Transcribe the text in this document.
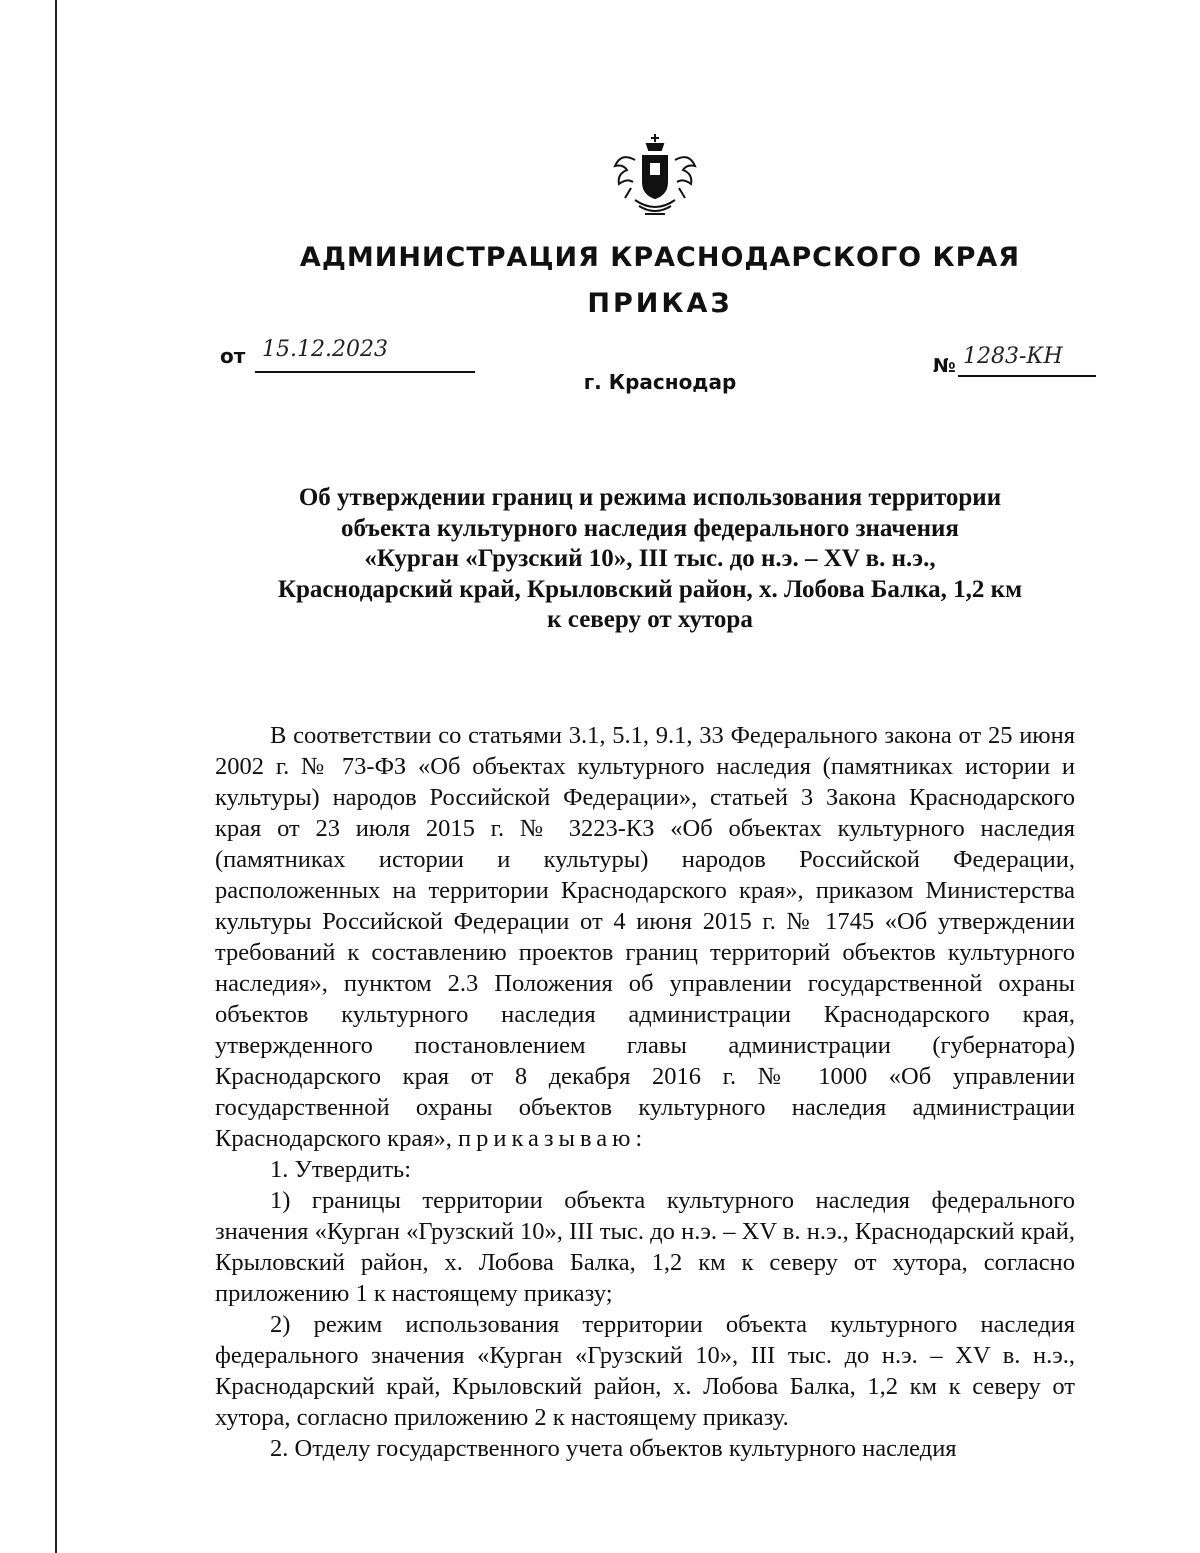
АДМИНИСТРАЦИЯ КРАСНОДАРСКОГО КРАЯ
ПРИКАЗ
от 15.12.2023
№ 1283-КН
г. Краснодар
Об утверждении границ и режима использования территории
объекта культурного наследия федерального значения
«Курган «Грузский 10», III тыс. до н.э. – XV в. н.э.,
Краснодарский край, Крыловский район, х. Лобова Балка, 1,2 км
к северу от хутора

В соответствии со статьями 3.1, 5.1, 9.1, 33 Федерального закона от 25 июня 2002 г. № 73-ФЗ «Об объектах культурного наследия (памятниках истории и культуры) народов Российской Федерации», статьей 3 Закона Краснодарского края от 23 июля 2015 г. № 3223-КЗ «Об объектах культурного наследия (памятниках истории и культуры) народов Российской Федерации, расположенных на территории Краснодарского края», приказом Министерства культуры Российской Федерации от 4 июня 2015 г. № 1745 «Об утверждении требований к составлению проектов границ территорий объектов культурного наследия», пунктом 2.3 Положения об управлении государственной охраны объектов культурного наследия администрации Краснодарского края, утвержденного постановлением главы администрации (губернатора) Краснодарского края от 8 декабря 2016 г. № 1000 «Об управлении государственной охраны объектов культурного наследия администрации Краснодарского края», приказываю:

1. Утвердить:

1) границы территории объекта культурного наследия федерального значения «Курган «Грузский 10», III тыс. до н.э. – XV в. н.э., Краснодарский край, Крыловский район, х. Лобова Балка, 1,2 км к северу от хутора, согласно приложению 1 к настоящему приказу;

2) режим использования территории объекта культурного наследия федерального значения «Курган «Грузский 10», III тыс. до н.э. – XV в. н.э., Краснодарский край, Крыловский район, х. Лобова Балка, 1,2 км к северу от хутора, согласно приложению 2 к настоящему приказу.

2. Отделу государственного учета объектов культурного наследия
